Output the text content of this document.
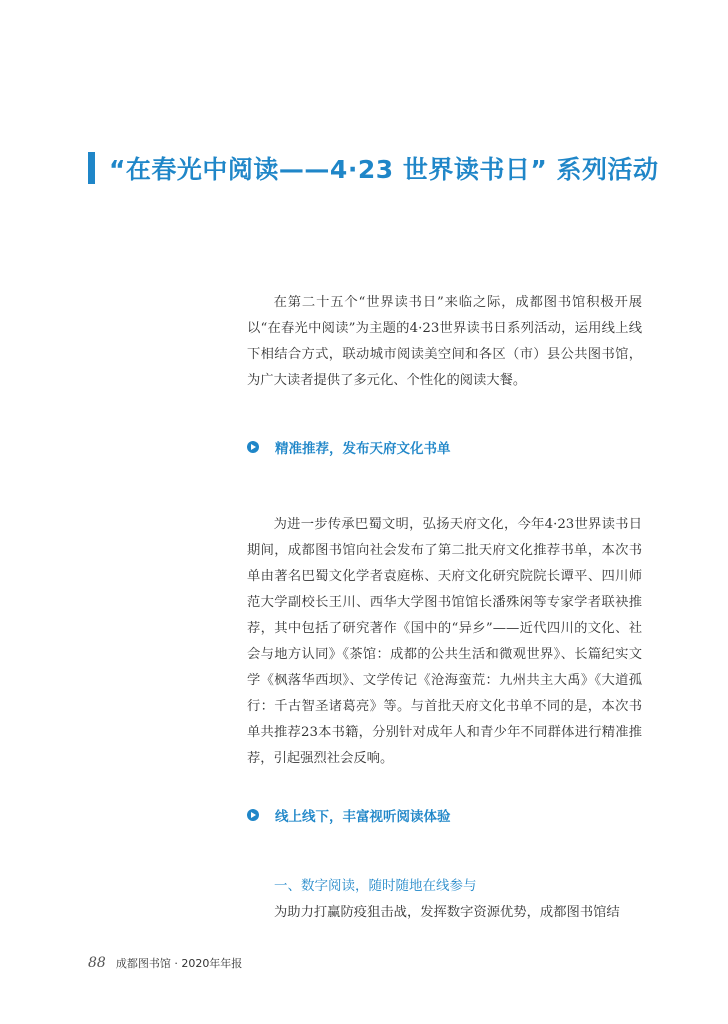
“在春光中阅读——4·23 世界读书日” 系列活动

在第二十五个“世界读书日”来临之际，成都图书馆积极开展以“在春光中阅读”为主题的4·23世界读书日系列活动，运用线上线下相结合方式，联动城市阅读美空间和各区（市）县公共图书馆，为广大读者提供了多元化、个性化的阅读大餐。

精准推荐，发布天府文化书单

为进一步传承巴蜀文明，弘扬天府文化，今年4·23世界读书日期间，成都图书馆向社会发布了第二批天府文化推荐书单，本次书单由著名巴蜀文化学者袁庭栋、天府文化研究院院长谭平、四川师范大学副校长王川、西华大学图书馆馆长潘殊闲等专家学者联袂推荐，其中包括了研究著作《国中的“异乡”——近代四川的文化、社会与地方认同》《茶馆：成都的公共生活和微观世界》、长篇纪实文学《枫落华西坝》、文学传记《沧海蛮荒：九州共主大禹》《大道孤行：千古智圣诸葛亮》等。与首批天府文化书单不同的是，本次书单共推荐23本书籍，分别针对成年人和青少年不同群体进行精准推荐，引起强烈社会反响。

线上线下，丰富视听阅读体验
一、数字阅读，随时随地在线参与
为助力打赢防疫狙击战，发挥数字资源优势，成都图书馆结
88 成都图书馆 · 2020年年报
